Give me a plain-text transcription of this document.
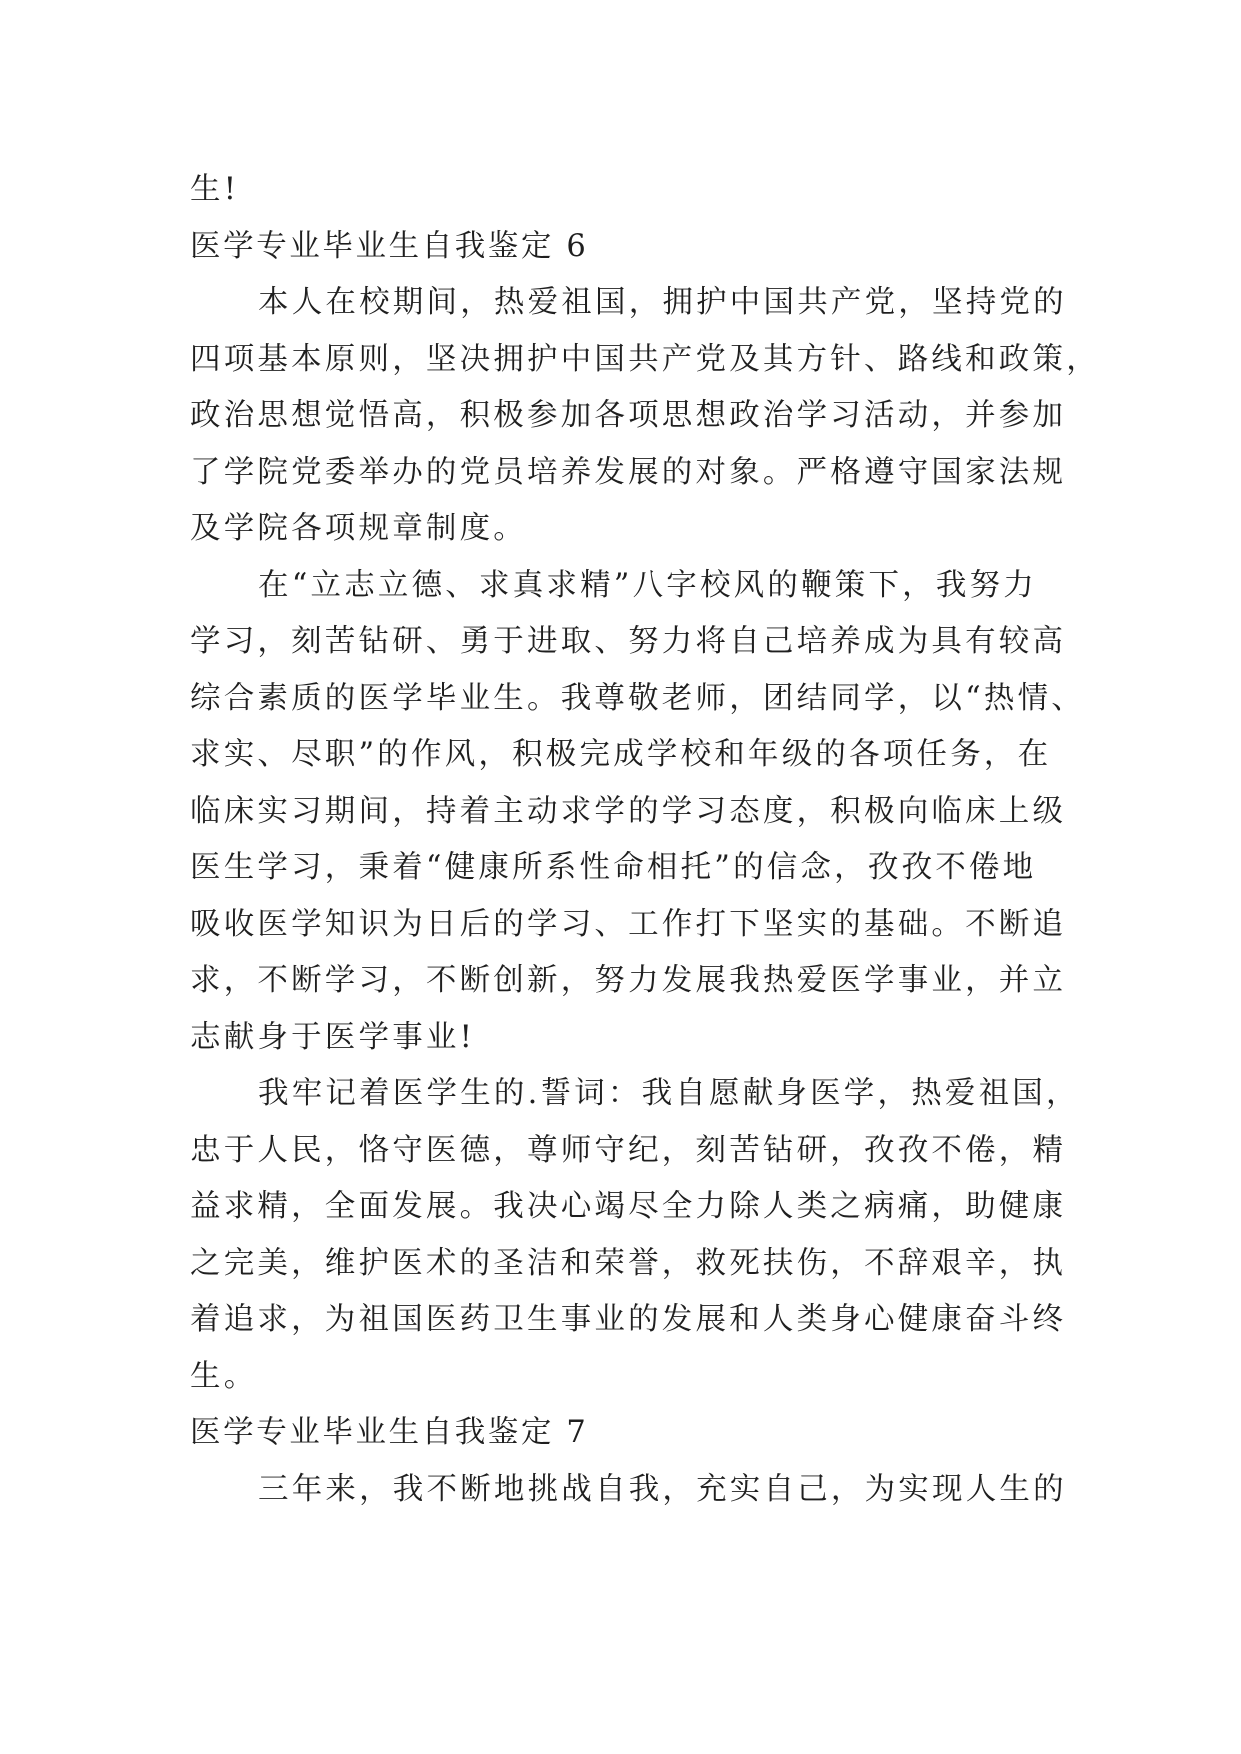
生!
医学专业毕业生自我鉴定 6
本人在校期间，热爱祖国，拥护中国共产党，坚持党的
四项基本原则，坚决拥护中国共产党及其方针、路线和政策，
政治思想觉悟高，积极参加各项思想政治学习活动，并参加
了学院党委举办的党员培养发展的对象。严格遵守国家法规
及学院各项规章制度。
在“立志立德、求真求精”八字校风的鞭策下，我努力
学习，刻苦钻研、勇于进取、努力将自己培养成为具有较高
综合素质的医学毕业生。我尊敬老师，团结同学，以“热情、
求实、尽职”的作风，积极完成学校和年级的各项任务，在
临床实习期间，持着主动求学的学习态度，积极向临床上级
医生学习，秉着“健康所系性命相托”的信念，孜孜不倦地
吸收医学知识为日后的学习、工作打下坚实的基础。不断追
求，不断学习，不断创新，努力发展我热爱医学事业，并立
志献身于医学事业!
我牢记着医学生的.誓词：我自愿献身医学，热爱祖国，
忠于人民，恪守医德，尊师守纪，刻苦钻研，孜孜不倦，精
益求精，全面发展。我决心竭尽全力除人类之病痛，助健康
之完美，维护医术的圣洁和荣誉，救死扶伤，不辞艰辛，执
着追求，为祖国医药卫生事业的发展和人类身心健康奋斗终
生。
医学专业毕业生自我鉴定 7
三年来，我不断地挑战自我，充实自己，为实现人生的
